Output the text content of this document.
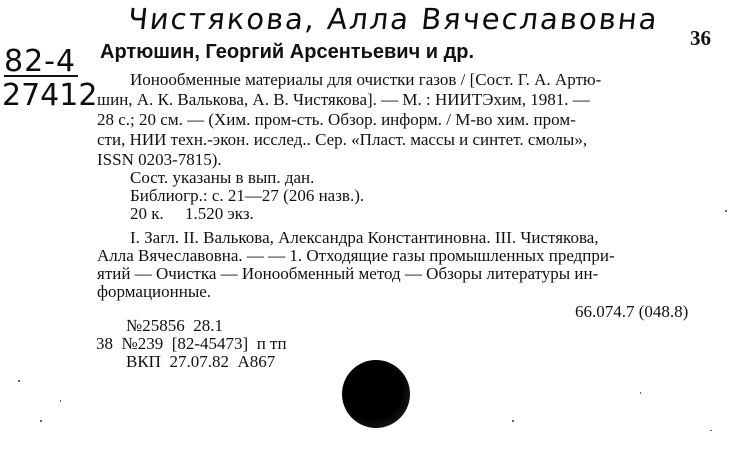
Чистякова, Алла Вячеславовна
36
82-4
27412
Артюшин, Георгий Арсентьевич и др.
Ионообменные материалы для очистки газов / [Сост. Г. А. Артю-
шин, А. К. Валькова, А. В. Чистякова]. — М. : НИИТЭхим, 1981. —
28 с.; 20 см. — (Хим. пром-сть. Обзор. информ. / М-во хим. пром-
сти, НИИ техн.-экон. исслед.. Сер. «Пласт. массы и синтет. смолы»,
ISSN 0203-7815).
Сост. указаны в вып. дан.
Библиогр.: с. 21—27 (206 назв.).
20 к.     1.520 экз.
I. Загл. II. Валькова, Александра Константиновна. III. Чистякова,
Алла Вячеславовна. — — 1. Отходящие газы промышленных предпри-
ятий — Очистка — Ионообменный метод — Обзоры литературы ин-
формационные.
66.074.7 (048.8)
№25856  28.1
38  №239  [82-45473]  п тп
ВКП  27.07.82  А867
